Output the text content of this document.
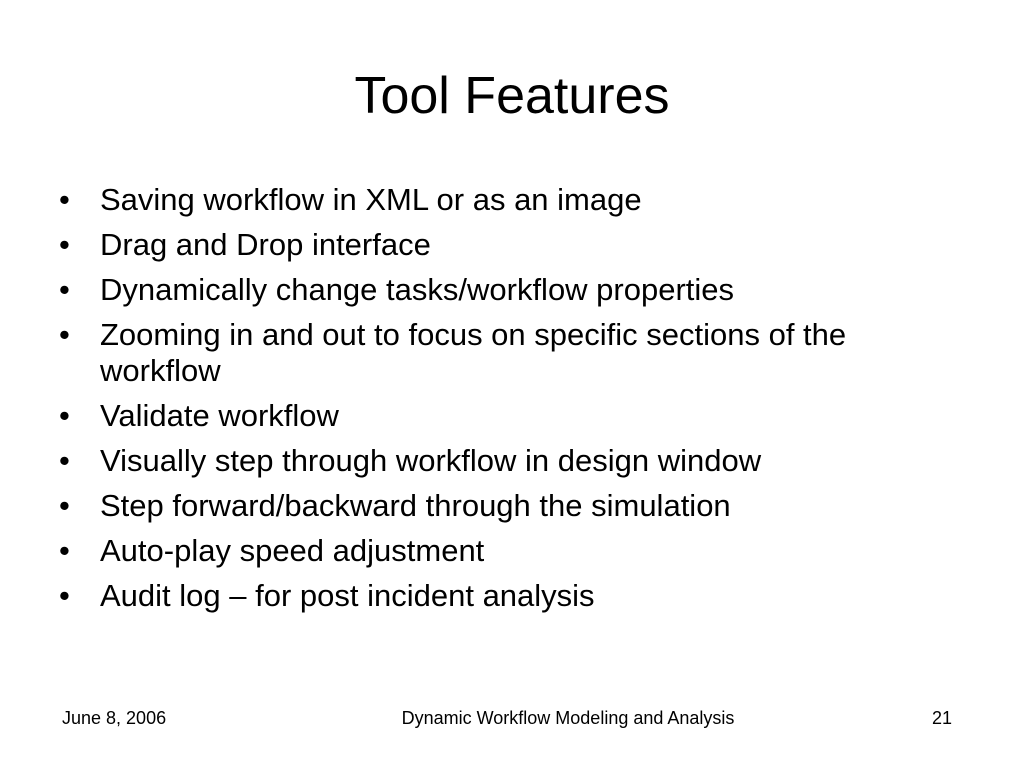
Tool Features
• Saving workflow in XML or as an image
• Drag and Drop interface
• Dynamically change tasks/workflow properties
• Zooming in and out to focus on specific sections of the workflow
• Validate workflow
• Visually step through workflow in design window
• Step forward/backward through the simulation
• Auto-play speed adjustment
• Audit log – for post incident analysis
June 8, 2006	Dynamic Workflow Modeling and Analysis	21
